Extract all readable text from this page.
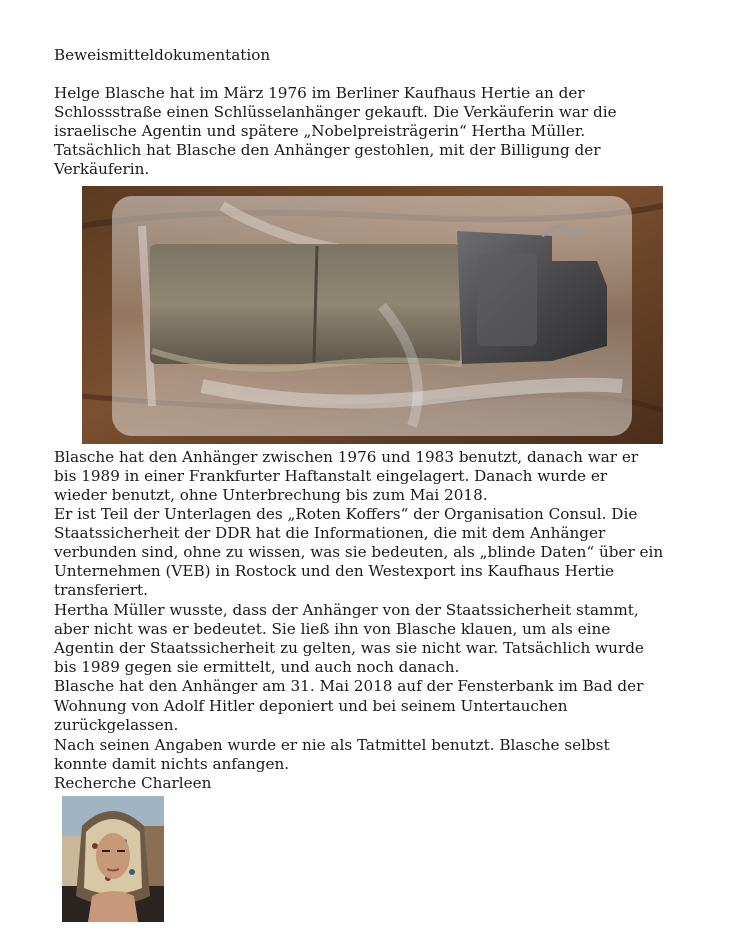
Beweismitteldokumentation
Helge Blasche hat im März 1976 im Berliner Kaufhaus Hertie an der
Schlossstraße einen Schlüsselanhänger gekauft. Die Verkäuferin war die
israelische Agentin und spätere „Nobelpreisträgerin“ Hertha Müller.
Tatsächlich hat Blasche den Anhänger gestohlen, mit der Billigung der
Verkäuferin.
Blasche hat den Anhänger zwischen 1976 und 1983 benutzt, danach war er
bis 1989 in einer Frankfurter Haftanstalt eingelagert. Danach wurde er
wieder benutzt, ohne Unterbrechung bis zum Mai 2018.
Er ist Teil der Unterlagen des „Roten Koffers“ der Organisation Consul. Die
Staatssicherheit der DDR hat die Informationen, die mit dem Anhänger
verbunden sind, ohne zu wissen, was sie bedeuten, als „blinde Daten“ über ein
Unternehmen (VEB) in Rostock und den Westexport ins Kaufhaus Hertie
transferiert.
Hertha Müller wusste, dass der Anhänger von der Staatssicherheit stammt,
aber nicht was er bedeutet. Sie ließ ihn von Blasche klauen, um als eine
Agentin der Staatssicherheit zu gelten, was sie nicht war. Tatsächlich wurde
bis 1989 gegen sie ermittelt, und auch noch danach.
Blasche hat den Anhänger am 31. Mai 2018 auf der Fensterbank im Bad der
Wohnung von Adolf Hitler deponiert und bei seinem Untertauchen
zurückgelassen.
Nach seinen Angaben wurde er nie als Tatmittel benutzt. Blasche selbst
konnte damit nichts anfangen.
Recherche Charleen
